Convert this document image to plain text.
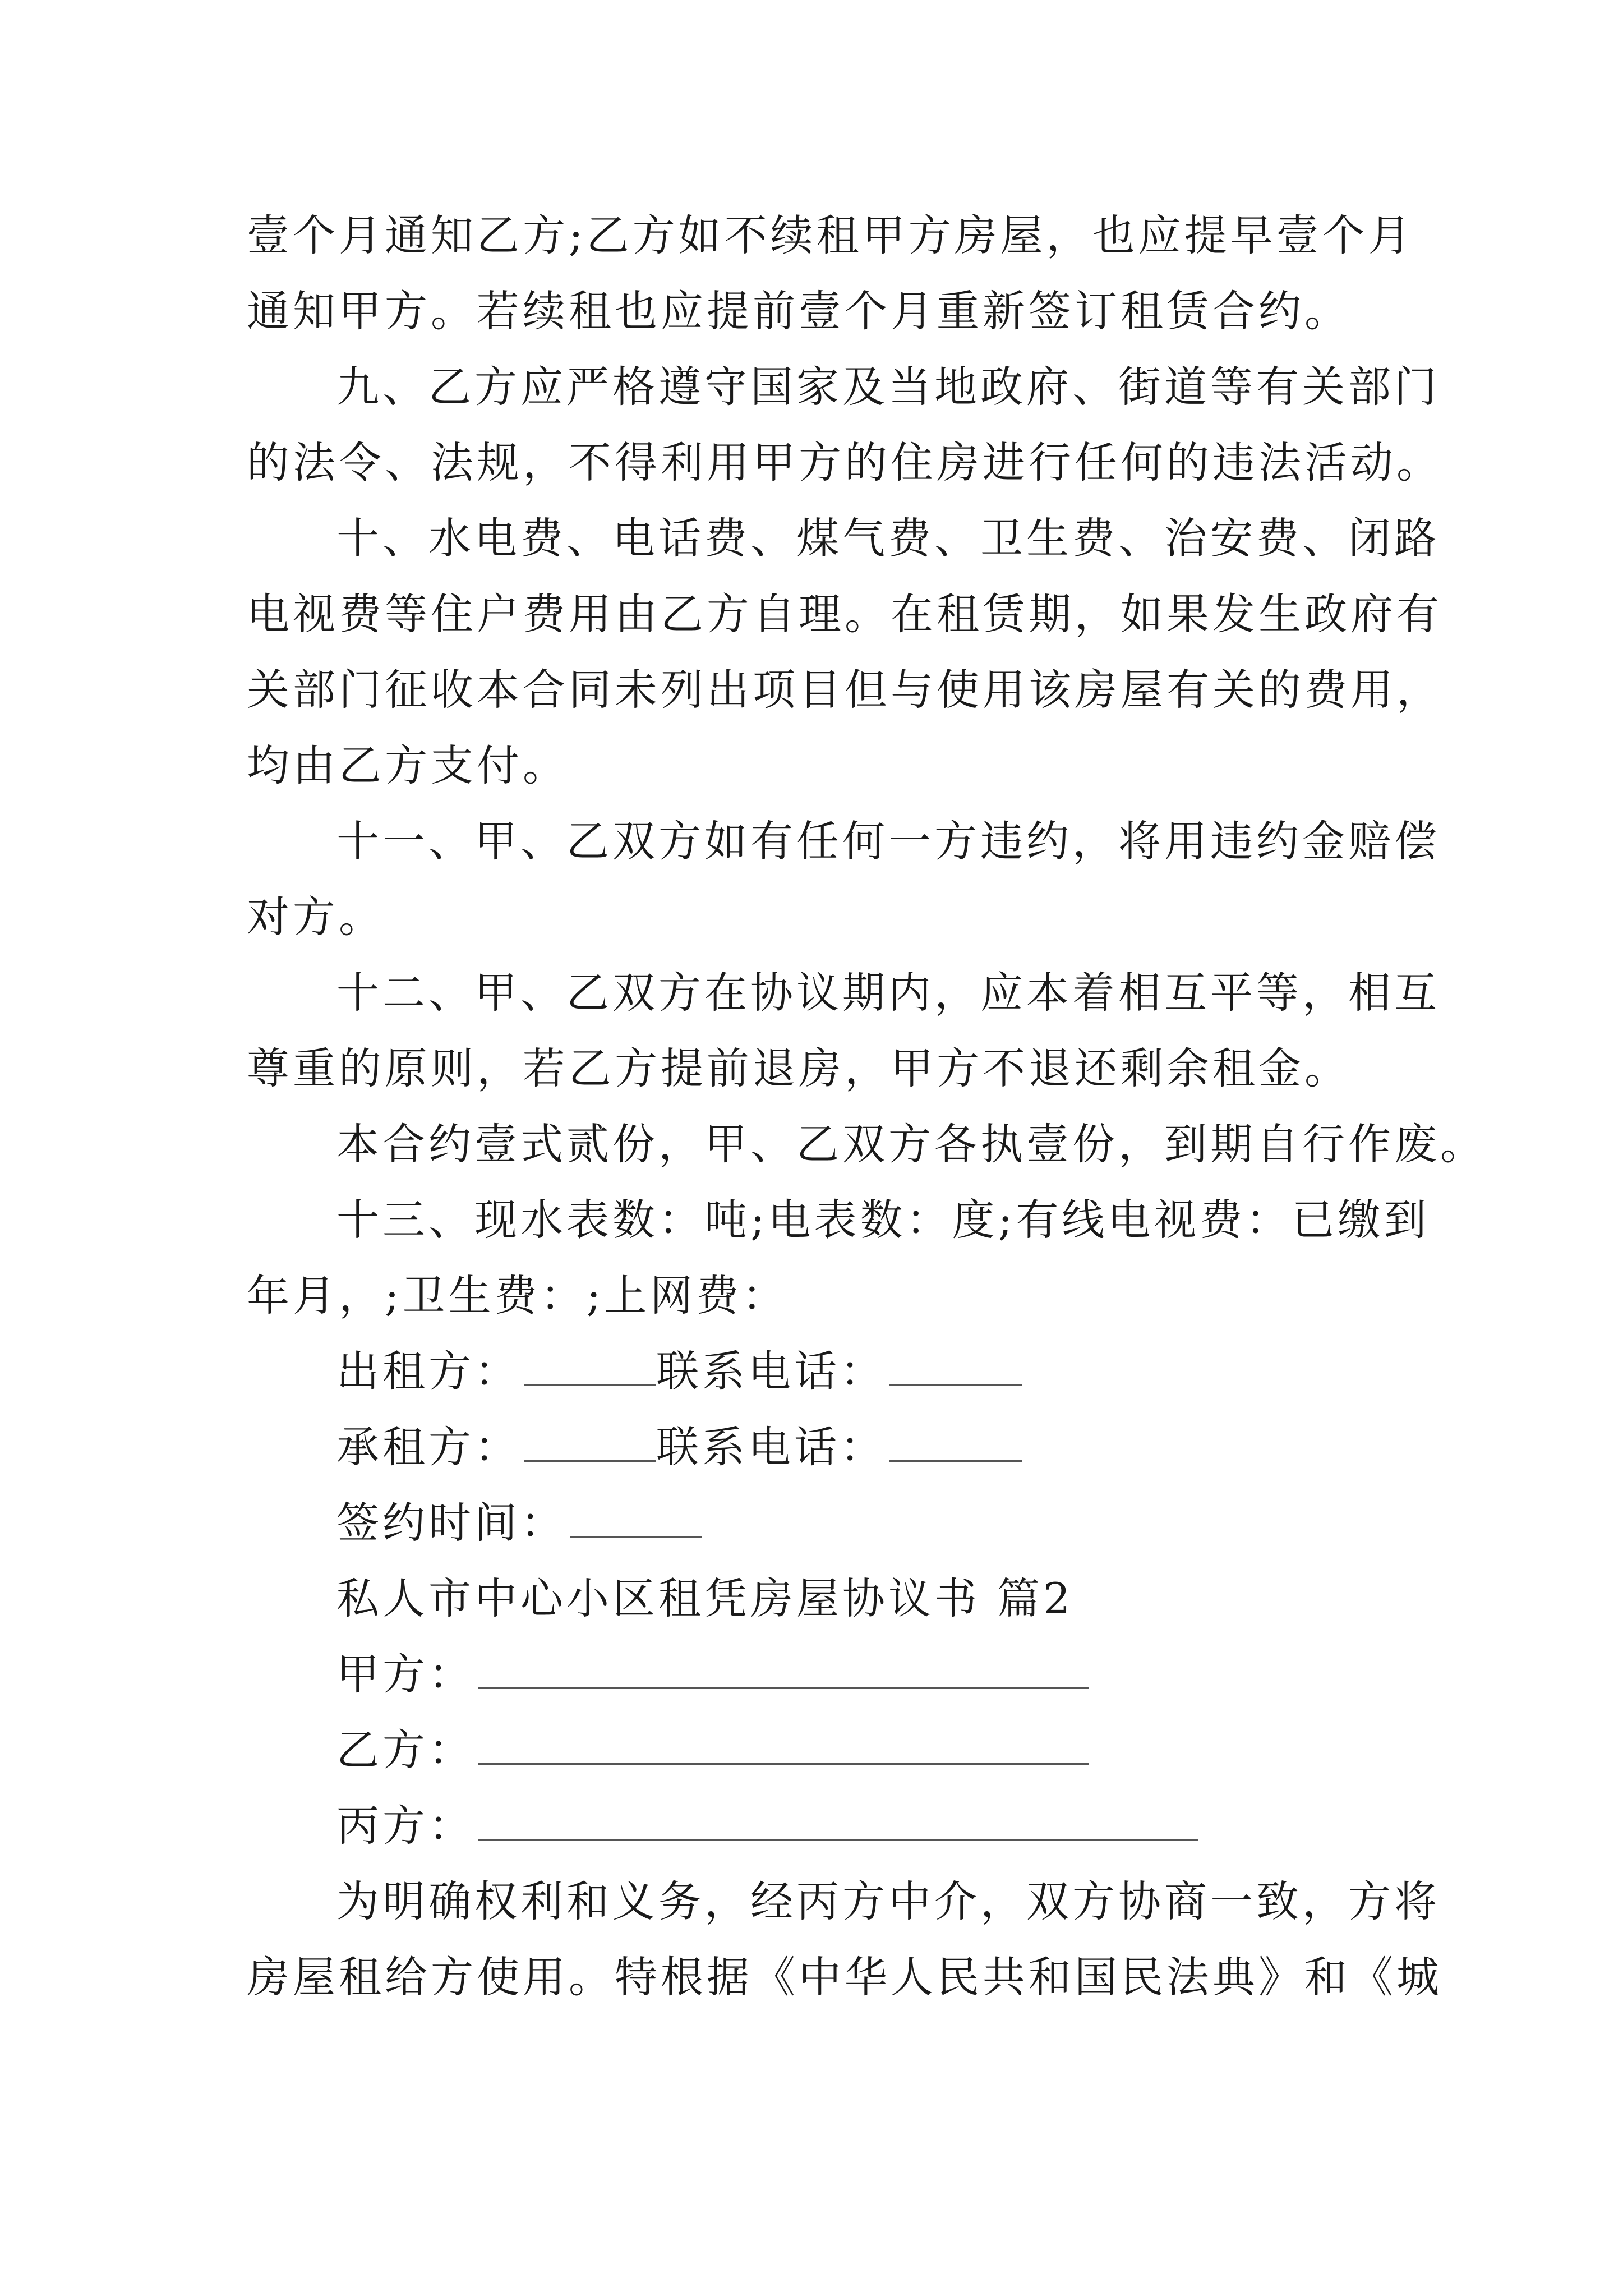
壹个月通知乙方;乙方如不续租甲方房屋，也应提早壹个月
通知甲方。若续租也应提前壹个月重新签订租赁合约。
九、乙方应严格遵守国家及当地政府、街道等有关部门
的法令、法规，不得利用甲方的住房进行任何的违法活动。
十、水电费、电话费、煤气费、卫生费、治安费、闭路
电视费等住户费用由乙方自理。在租赁期，如果发生政府有
关部门征收本合同未列出项目但与使用该房屋有关的费用，
均由乙方支付。
十一、甲、乙双方如有任何一方违约，将用违约金赔偿
对方。
十二、甲、乙双方在协议期内，应本着相互平等，相互
尊重的原则，若乙方提前退房，甲方不退还剩余租金。
本合约壹式贰份，甲、乙双方各执壹份，到期自行作废。
十三、现水表数：吨;电表数：度;有线电视费：已缴到
年月，;卫生费：;上网费：
出租方：	联系电话：
承租方：	联系电话：
签约时间：
私人市中心小区租凭房屋协议书 篇2
甲方：
乙方：
丙方：
为明确权利和义务，经丙方中介，双方协商一致，方将
房屋租给方使用。特根据《中华人民共和国民法典》和《城
